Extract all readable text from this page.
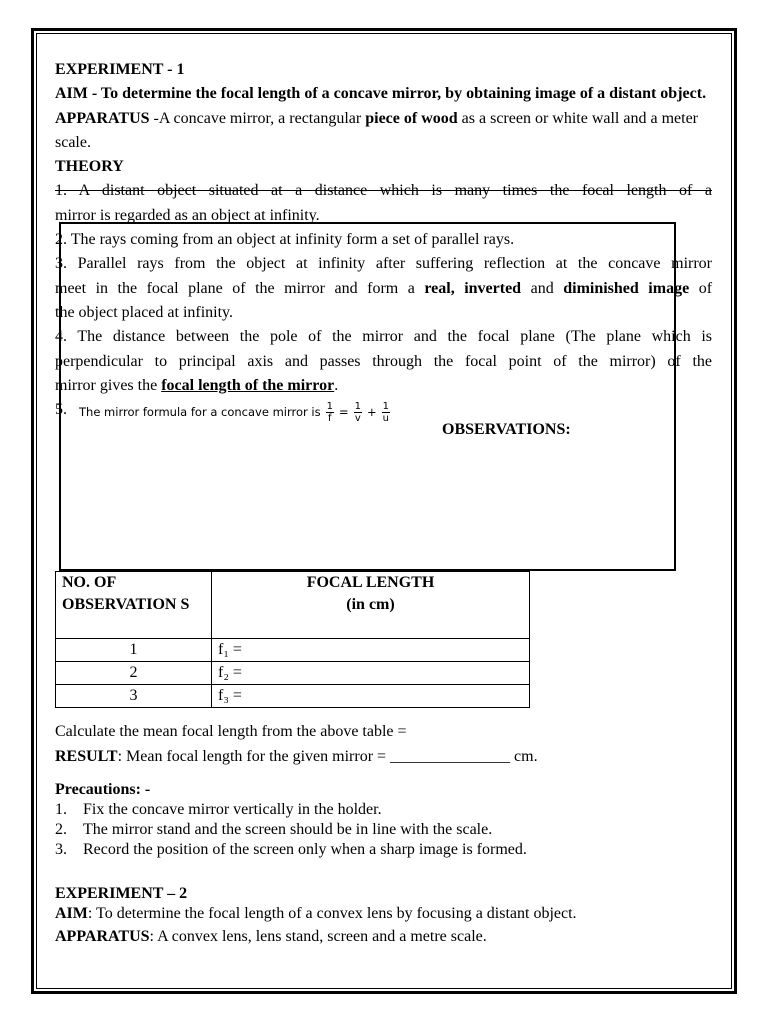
EXPERIMENT - 1

AIM - To determine the focal length of a concave mirror, by obtaining image of a distant object.

APPARATUS -A concave mirror, a rectangular piece of wood as a screen or white wall and a meter scale.

THEORY

1. A distant object situated at a distance which is many times the focal length of a

mirror is regarded as an object at infinity.

2. The rays coming from an object at infinity form a set of parallel rays.

3. Parallel rays from the object at infinity after suffering reflection at the concave mirror

meet in the focal plane of the mirror and form a real, inverted and diminished image of

the object placed at infinity.

4. The distance between the pole of the mirror and the focal plane (The plane which is

perpendicular to principal axis and passes through the focal point of the mirror) of the

mirror gives the focal length of the mirror.

5. The mirror formula for a concave mirror is $\frac{1}{f} = \frac{1}{v} + \frac{1}{u}$
OBSERVATIONS:
NO. OF OBSERVATION S	FOCAL LENGTH
(in cm)

1	f₁ =
2	f₂ =
3	f₃ =

Calculate the mean focal length from the above table =

RESULT: Mean focal length for the given mirror = _______________ cm.

Precautions: -

1. Fix the concave mirror vertically in the holder.
2. The mirror stand and the screen should be in line with the scale.
3. Record the position of the screen only when a sharp image is formed.

EXPERIMENT – 2

AIM: To determine the focal length of a convex lens by focusing a distant object.

APPARATUS: A convex lens, lens stand, screen and a metre scale.
